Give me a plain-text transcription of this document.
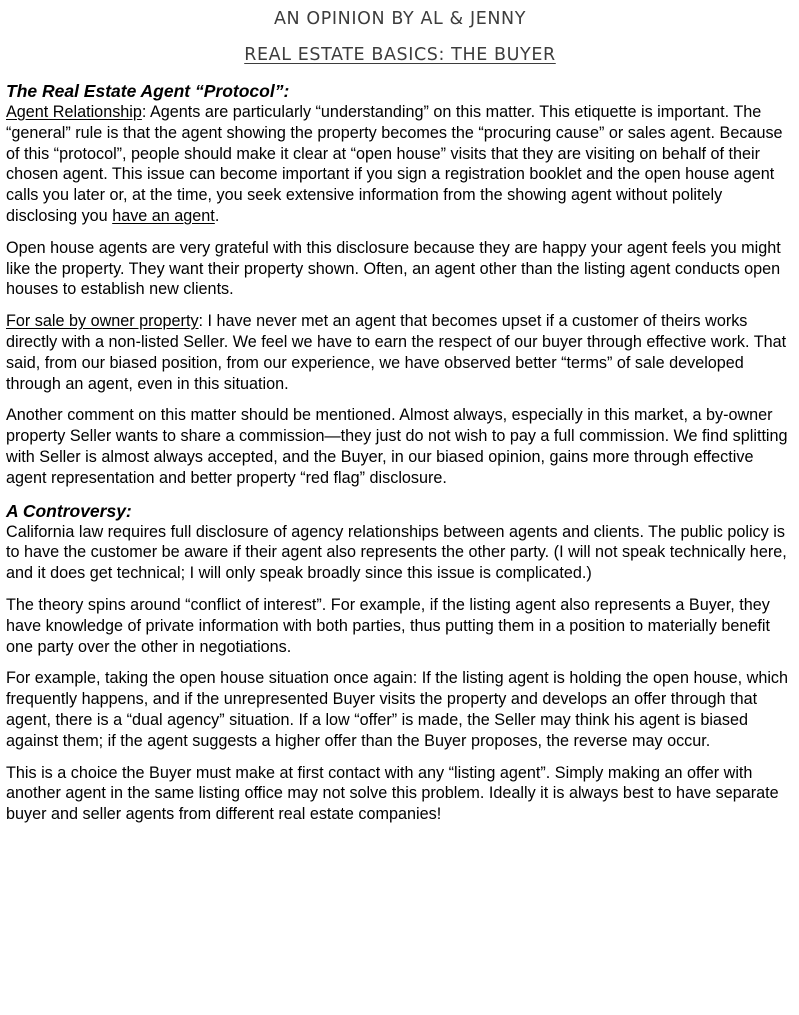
AN OPINION BY AL & JENNY
REAL ESTATE BASICS: THE BUYER
The Real Estate Agent “Protocol”:

Agent Relationship: Agents are particularly “understanding” on this matter. This etiquette is important. The “general” rule is that the agent showing the property becomes the “procuring cause” or sales agent. Because of this “protocol”, people should make it clear at “open house” visits that they are visiting on behalf of their chosen agent. This issue can become important if you sign a registration booklet and the open house agent calls you later or, at the time, you seek extensive information from the showing agent without politely disclosing you have an agent.

Open house agents are very grateful with this disclosure because they are happy your agent feels you might like the property. They want their property shown. Often, an agent other than the listing agent conducts open houses to establish new clients.

For sale by owner property: I have never met an agent that becomes upset if a customer of theirs works directly with a non-listed Seller. We feel we have to earn the respect of our buyer through effective work. That said, from our biased position, from our experience, we have observed better “terms” of sale developed through an agent, even in this situation.

Another comment on this matter should be mentioned. Almost always, especially in this market, a by-owner property Seller wants to share a commission—they just do not wish to pay a full commission. We find splitting with Seller is almost always accepted, and the Buyer, in our biased opinion, gains more through effective agent representation and better property “red flag” disclosure.

A Controversy:

California law requires full disclosure of agency relationships between agents and clients. The public policy is to have the customer be aware if their agent also represents the other party. (I will not speak technically here, and it does get technical; I will only speak broadly since this issue is complicated.)

The theory spins around “conflict of interest”. For example, if the listing agent also represents a Buyer, they have knowledge of private information with both parties, thus putting them in a position to materially benefit one party over the other in negotiations.

For example, taking the open house situation once again: If the listing agent is holding the open house, which frequently happens, and if the unrepresented Buyer visits the property and develops an offer through that agent, there is a “dual agency” situation. If a low “offer” is made, the Seller may think his agent is biased against them; if the agent suggests a higher offer than the Buyer proposes, the reverse may occur.

This is a choice the Buyer must make at first contact with any “listing agent”. Simply making an offer with another agent in the same listing office may not solve this problem. Ideally it is always best to have separate buyer and seller agents from different real estate companies!
